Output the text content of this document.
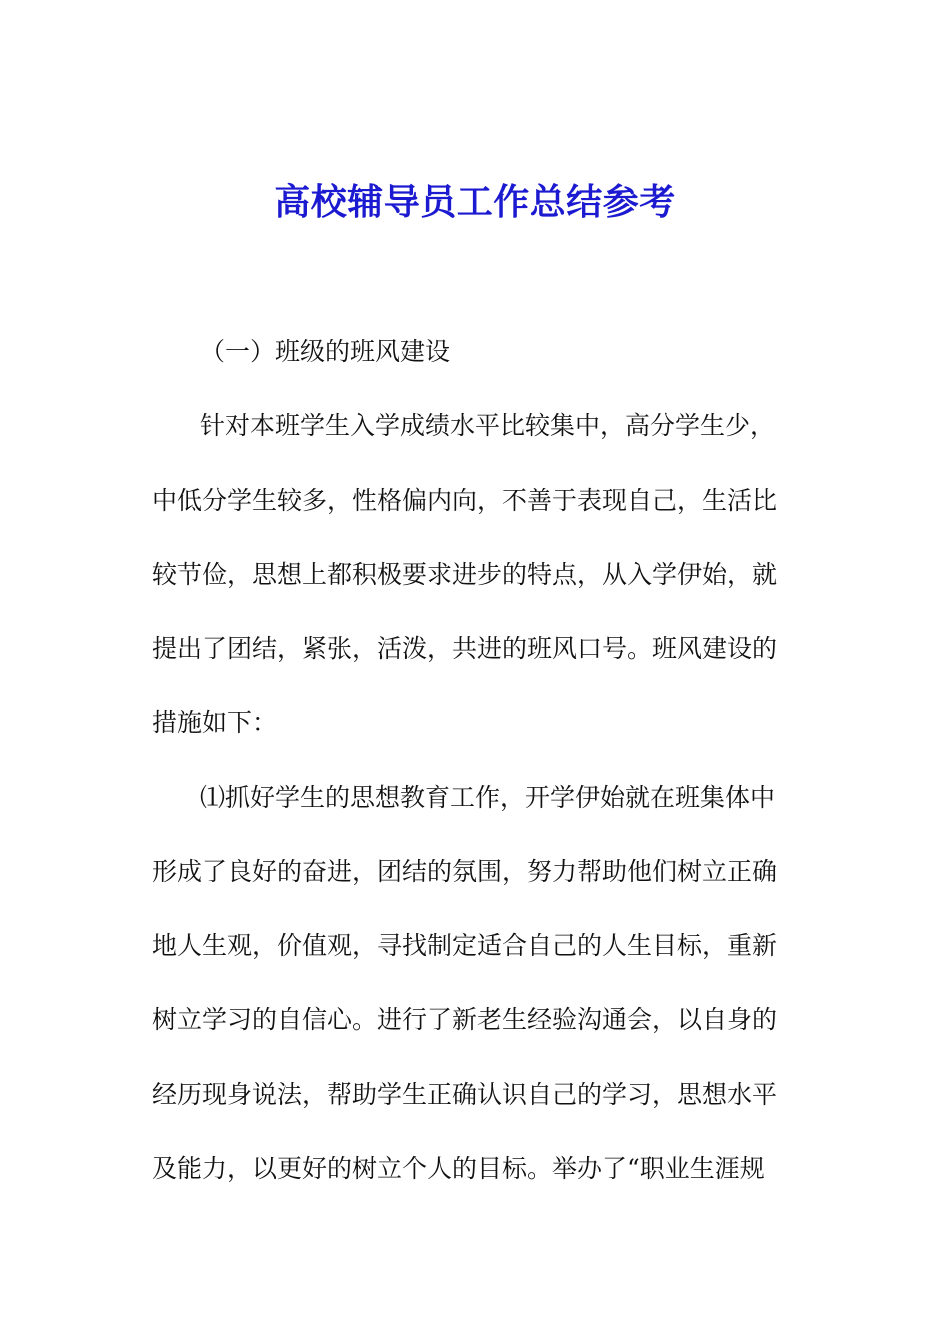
高校辅导员工作总结参考
（一）班级的班风建设
针对本班学生入学成绩水平比较集中，高分学生少，
中低分学生较多，性格偏内向，不善于表现自己，生活比
较节俭，思想上都积极要求进步的特点，从入学伊始，就
提出了团结，紧张，活泼，共进的班风口号。班风建设的
措施如下：
⑴抓好学生的思想教育工作，开学伊始就在班集体中
形成了良好的奋进，团结的氛围，努力帮助他们树立正确
地人生观，价值观，寻找制定适合自己的人生目标，重新
树立学习的自信心。进行了新老生经验沟通会，以自身的
经历现身说法，帮助学生正确认识自己的学习，思想水平
及能力，以更好的树立个人的目标。举办了“职业生涯规
